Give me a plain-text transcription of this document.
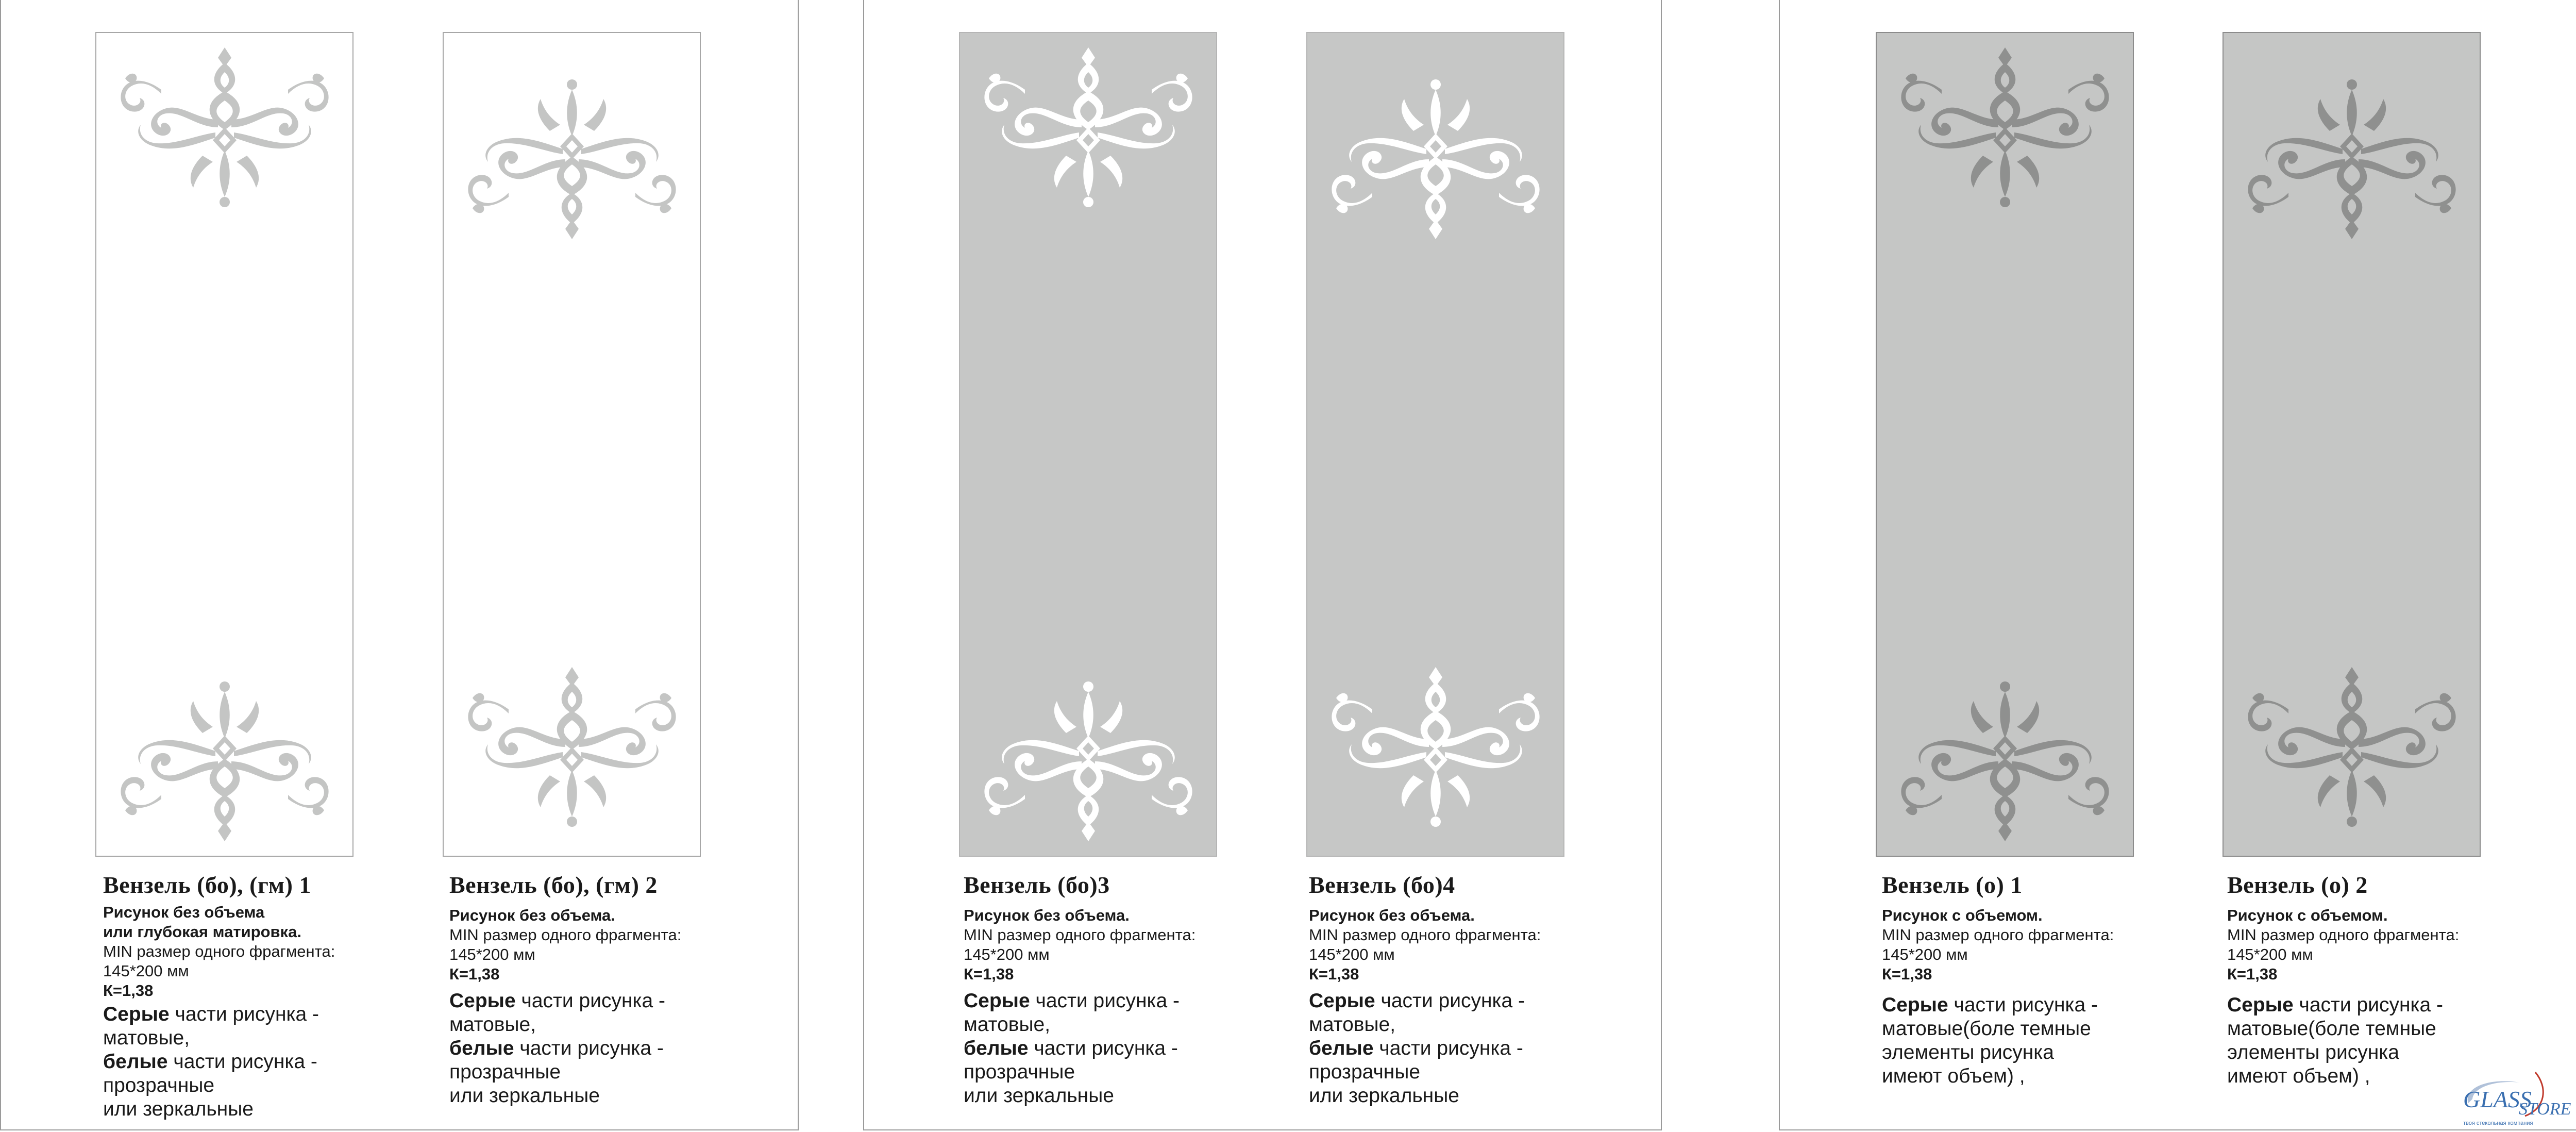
Вензель (бо), (гм) 1
Рисунок без объема
или глубокая матировка.
MIN размер одного фрагмента:
145*200 мм
К=1,38
Серые части рисунка -
матовые,
белые части рисунка -
прозрачные
или зеркальные
Вензель (бо), (гм) 2
Рисунок без объема.
MIN размер одного фрагмента:
145*200 мм
К=1,38
Серые части рисунка -
матовые,
белые части рисунка -
прозрачные
или зеркальные
Вензель (бо)3
Рисунок без объема.
MIN размер одного фрагмента:
145*200 мм
К=1,38
Серые части рисунка -
матовые,
белые части рисунка -
прозрачные
или зеркальные
Вензель (бо)4
Рисунок без объема.
MIN размер одного фрагмента:
145*200 мм
К=1,38
Серые части рисунка -
матовые,
белые части рисунка -
прозрачные
или зеркальные
Вензель (о) 1
Рисунок с объемом.
MIN размер одного фрагмента:
145*200 мм
К=1,38
Серые части рисунка -
матовые(боле темные
элементы рисунка
имеют объем) ,
Вензель (о) 2
Рисунок с объемом.
MIN размер одного фрагмента:
145*200 мм
К=1,38
Серые части рисунка -
матовые(боле темные
элементы рисунка
имеют объем) ,
GLASS
STORE
твоя стекольная компания
